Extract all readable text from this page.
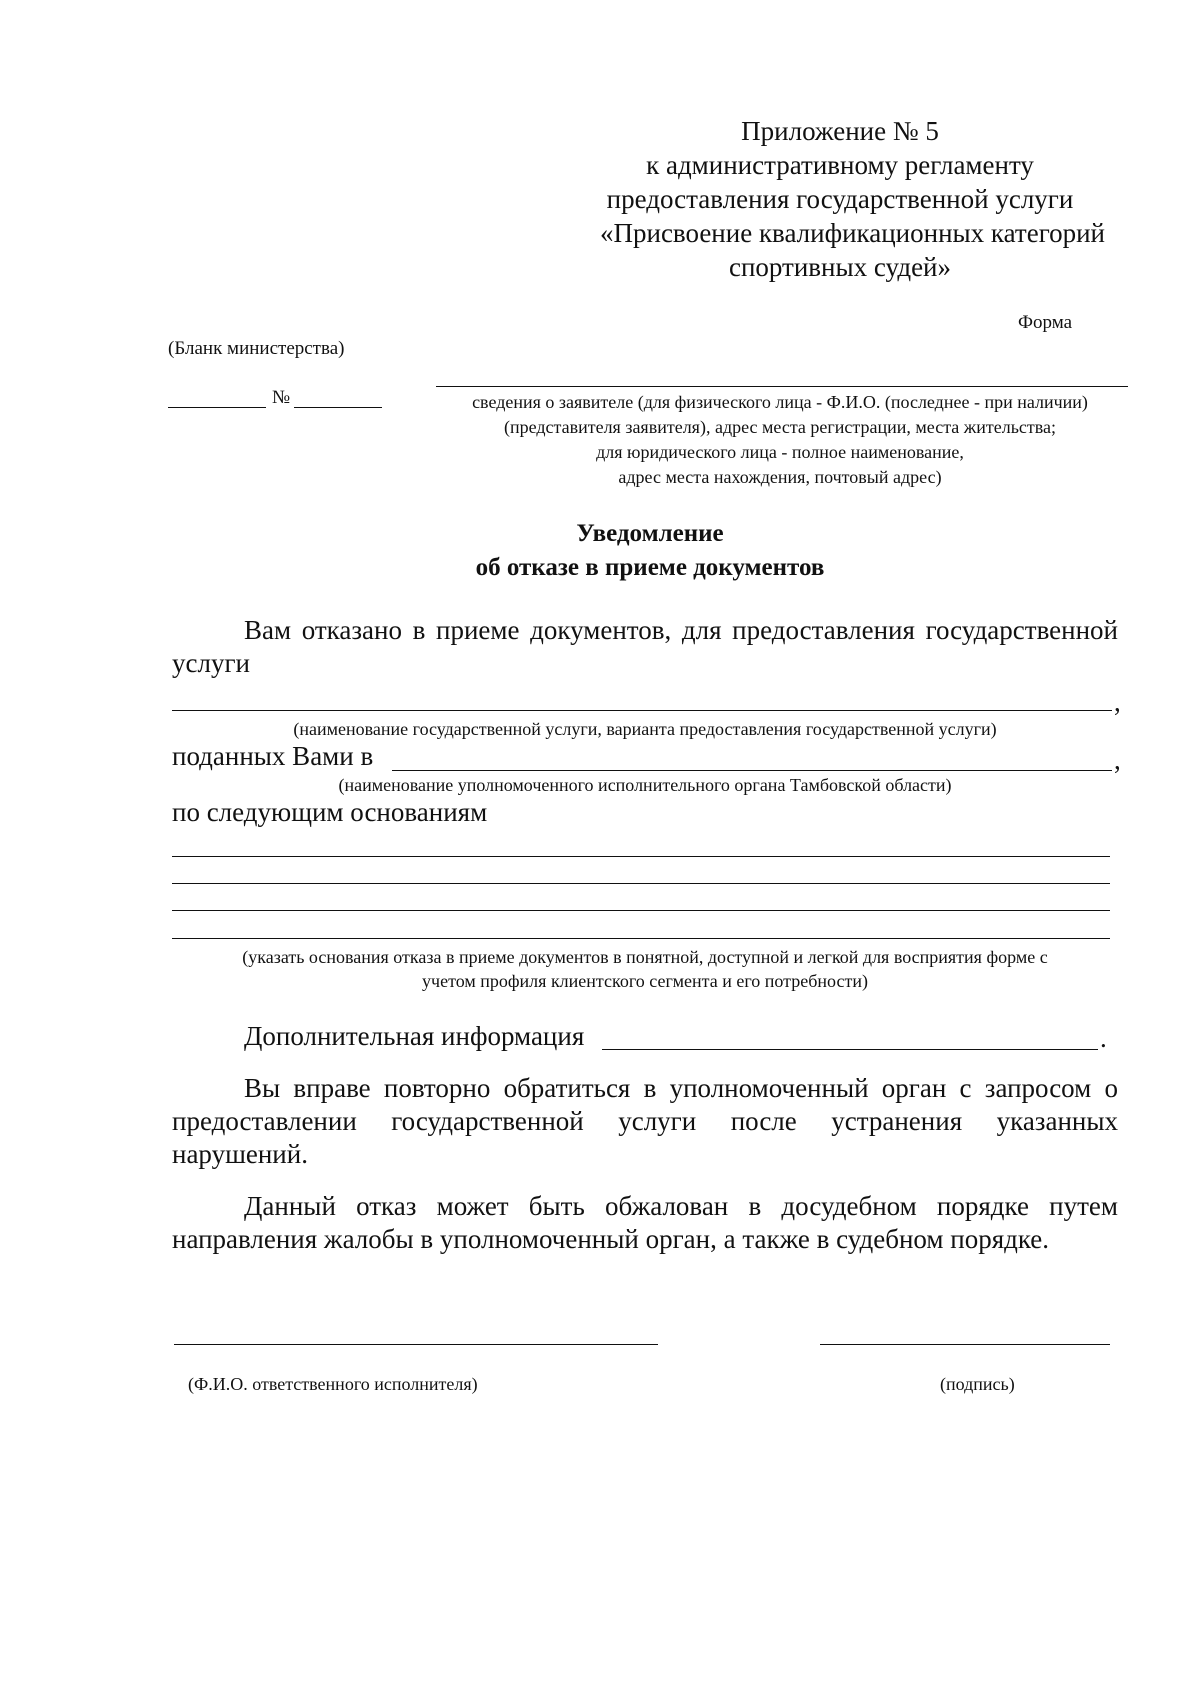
Приложение № 5
к административному регламенту
предоставления государственной услуги
«Присвоение квалификационных категорий
спортивных судей»
Форма
(Бланк министерства)
№	сведения о заявителе (для физического лица - Ф.И.О. (последнее - при наличии)
(представителя заявителя), адрес места регистрации, места жительства;
для юридического лица - полное наименование,
адрес места нахождения, почтовый адрес)
Уведомление
об отказе в приеме документов
Вам отказано в приеме документов, для предоставления государственной услуги
,
(наименование государственной услуги, варианта предоставления государственной услуги)
поданных Вами в	,
(наименование уполномоченного исполнительного органа Тамбовской области)
по следующим основаниям
(указать основания отказа в приеме документов в понятной, доступной и легкой для восприятия форме с
учетом профиля клиентского сегмента и его потребности)
Дополнительная информация	.
Вы вправе повторно обратиться в уполномоченный орган с запросом о предоставлении государственной услуги после устранения указанных нарушений.
Данный отказ может быть обжалован в досудебном порядке путем направления жалобы в уполномоченный орган, а также в судебном порядке.
(Ф.И.О. ответственного исполнителя)	(подпись)
